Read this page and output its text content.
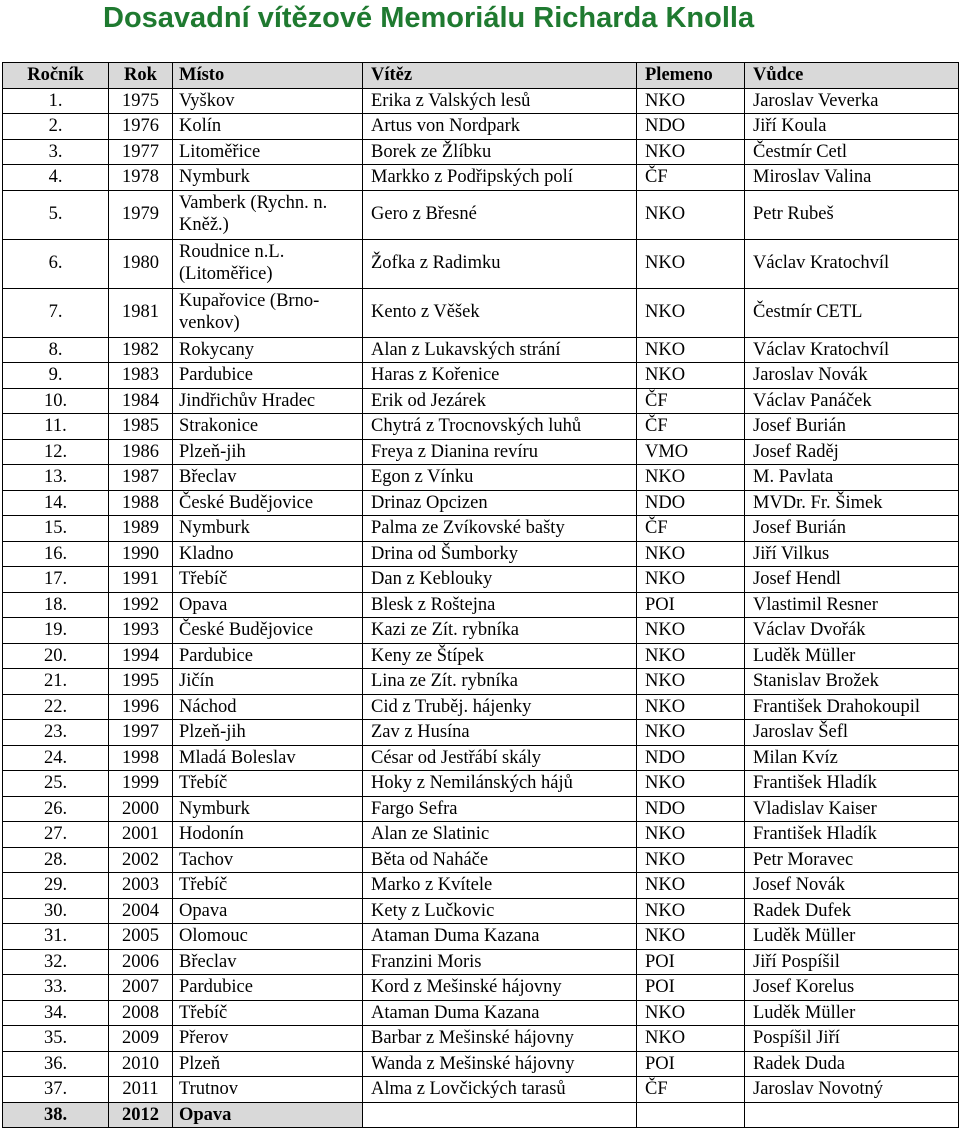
Dosavadní vítězové Memoriálu Richarda Knolla
Ročník	Rok	Místo	Vítěz	Plemeno	Vůdce
1.	1975	Vyškov	Erika z Valských lesů	NKO	Jaroslav Veverka
2.	1976	Kolín	Artus von Nordpark	NDO	Jiří Koula
3.	1977	Litoměřice	Borek ze Žlíbku	NKO	Čestmír Cetl
4.	1978	Nymburk	Markko z Podřipských polí	ČF	Miroslav Valina
5.	1979	Vamberk (Rychn. n. Kněž.)	Gero z Břesné	NKO	Petr Rubeš
6.	1980	Roudnice n.L. (Litoměřice)	Žofka z Radimku	NKO	Václav Kratochvíl
7.	1981	Kupařovice (Brno-venkov)	Kento z Věšek	NKO	Čestmír CETL
8.	1982	Rokycany	Alan z Lukavských strání	NKO	Václav Kratochvíl
9.	1983	Pardubice	Haras z Kořenice	NKO	Jaroslav Novák
10.	1984	Jindřichův Hradec	Erik od Jezárek	ČF	Václav Panáček
11.	1985	Strakonice	Chytrá z Trocnovských luhů	ČF	Josef Burián
12.	1986	Plzeň-jih	Freya z Dianina revíru	VMO	Josef Raděj
13.	1987	Břeclav	Egon z Vínku	NKO	M. Pavlata
14.	1988	České Budějovice	Drinaz Opcizen	NDO	MVDr. Fr. Šimek
15.	1989	Nymburk	Palma ze Zvíkovské bašty	ČF	Josef Burián
16.	1990	Kladno	Drina od Šumborky	NKO	Jiří Vilkus
17.	1991	Třebíč	Dan z Keblouky	NKO	Josef Hendl
18.	1992	Opava	Blesk z Roštejna	POI	Vlastimil Resner
19.	1993	České Budějovice	Kazi ze Zít. rybníka	NKO	Václav Dvořák
20.	1994	Pardubice	Keny ze Štípek	NKO	Luděk Müller
21.	1995	Jičín	Lina ze Zít. rybníka	NKO	Stanislav Brožek
22.	1996	Náchod	Cid z Truběj. hájenky	NKO	František Drahokoupil
23.	1997	Plzeň-jih	Zav z Husína	NKO	Jaroslav Šefl
24.	1998	Mladá Boleslav	César od Jestřábí skály	NDO	Milan Kvíz
25.	1999	Třebíč	Hoky z Nemilánských hájů	NKO	František Hladík
26.	2000	Nymburk	Fargo Sefra	NDO	Vladislav Kaiser
27.	2001	Hodonín	Alan ze Slatinic	NKO	František Hladík
28.	2002	Tachov	Běta od Naháče	NKO	Petr Moravec
29.	2003	Třebíč	Marko z Kvítele	NKO	Josef Novák
30.	2004	Opava	Kety z Lučkovic	NKO	Radek Dufek
31.	2005	Olomouc	Ataman Duma Kazana	NKO	Luděk Müller
32.	2006	Břeclav	Franzini Moris	POI	Jiří Pospíšil
33.	2007	Pardubice	Kord z Mešinské hájovny	POI	Josef Korelus
34.	2008	Třebíč	Ataman Duma Kazana	NKO	Luděk Müller
35.	2009	Přerov	Barbar z Mešinské hájovny	NKO	Pospíšil Jiří
36.	2010	Plzeň	Wanda z Mešinské hájovny	POI	Radek Duda
37.	2011	Trutnov	Alma z Lovčických tarasů	ČF	Jaroslav Novotný
38.	2012	Opava			
